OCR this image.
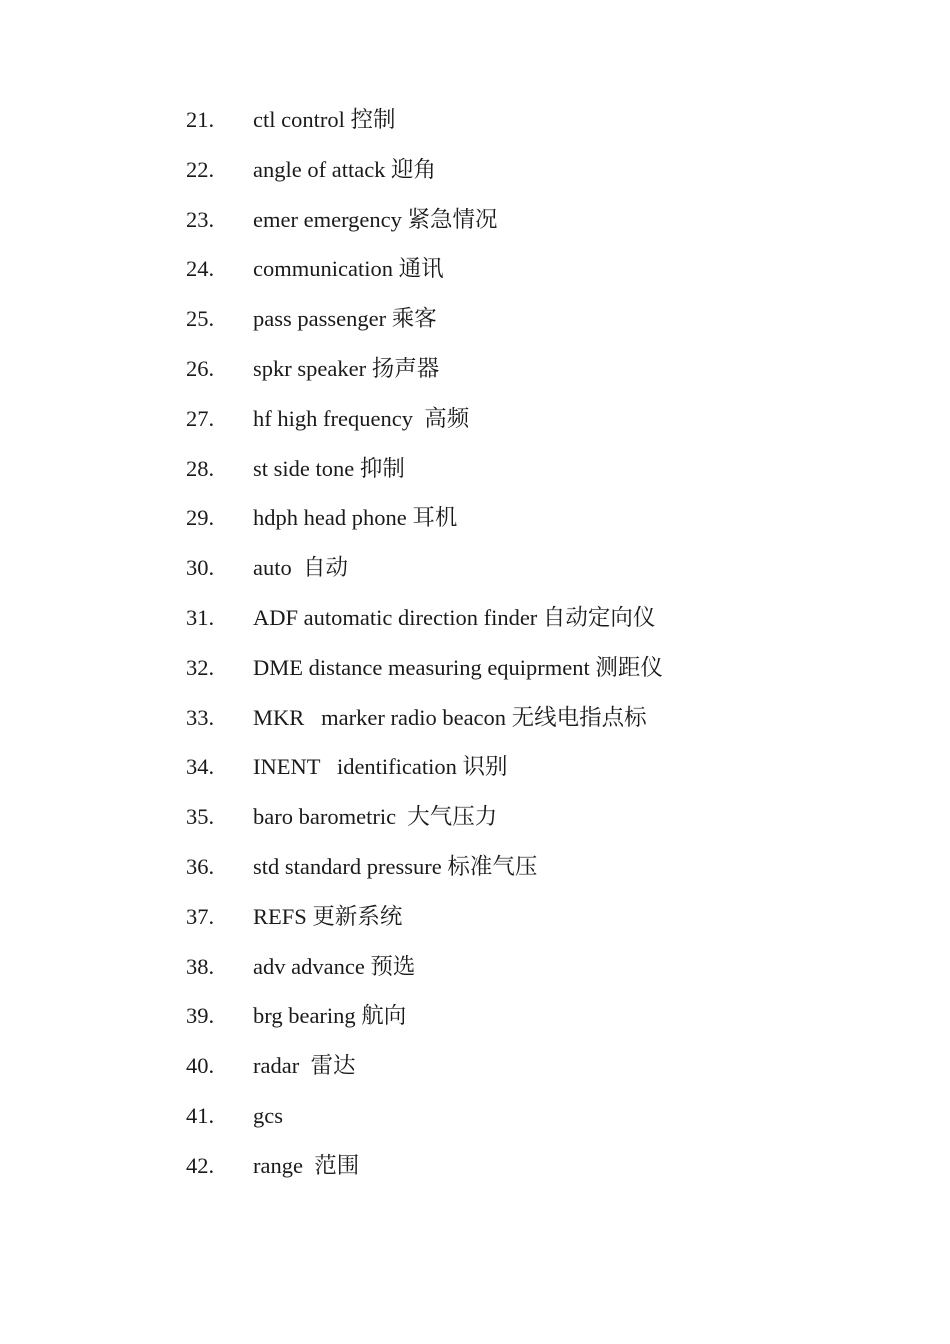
21.

ctl control 控制

22.

angle of attack 迎角

23.

emer emergency 紧急情况

24.

communication 通讯

25.

pass passenger 乘客

26.

spkr speaker 扬声器

27.

hf high frequency  高频

28.

st side tone 抑制

29.

hdph head phone 耳机

30.

auto  自动

31.

ADF automatic direction finder 自动定向仪

32.

DME distance measuring equiprment 测距仪

33.

MKR   marker radio beacon 无线电指点标

34.

INENT   identification 识别

35.

baro barometric  大气压力

36.

std standard pressure 标准气压

37.

REFS 更新系统

38.

adv advance 预选

39.

brg bearing 航向

40.

radar  雷达

41.

gcs

42.

range  范围
